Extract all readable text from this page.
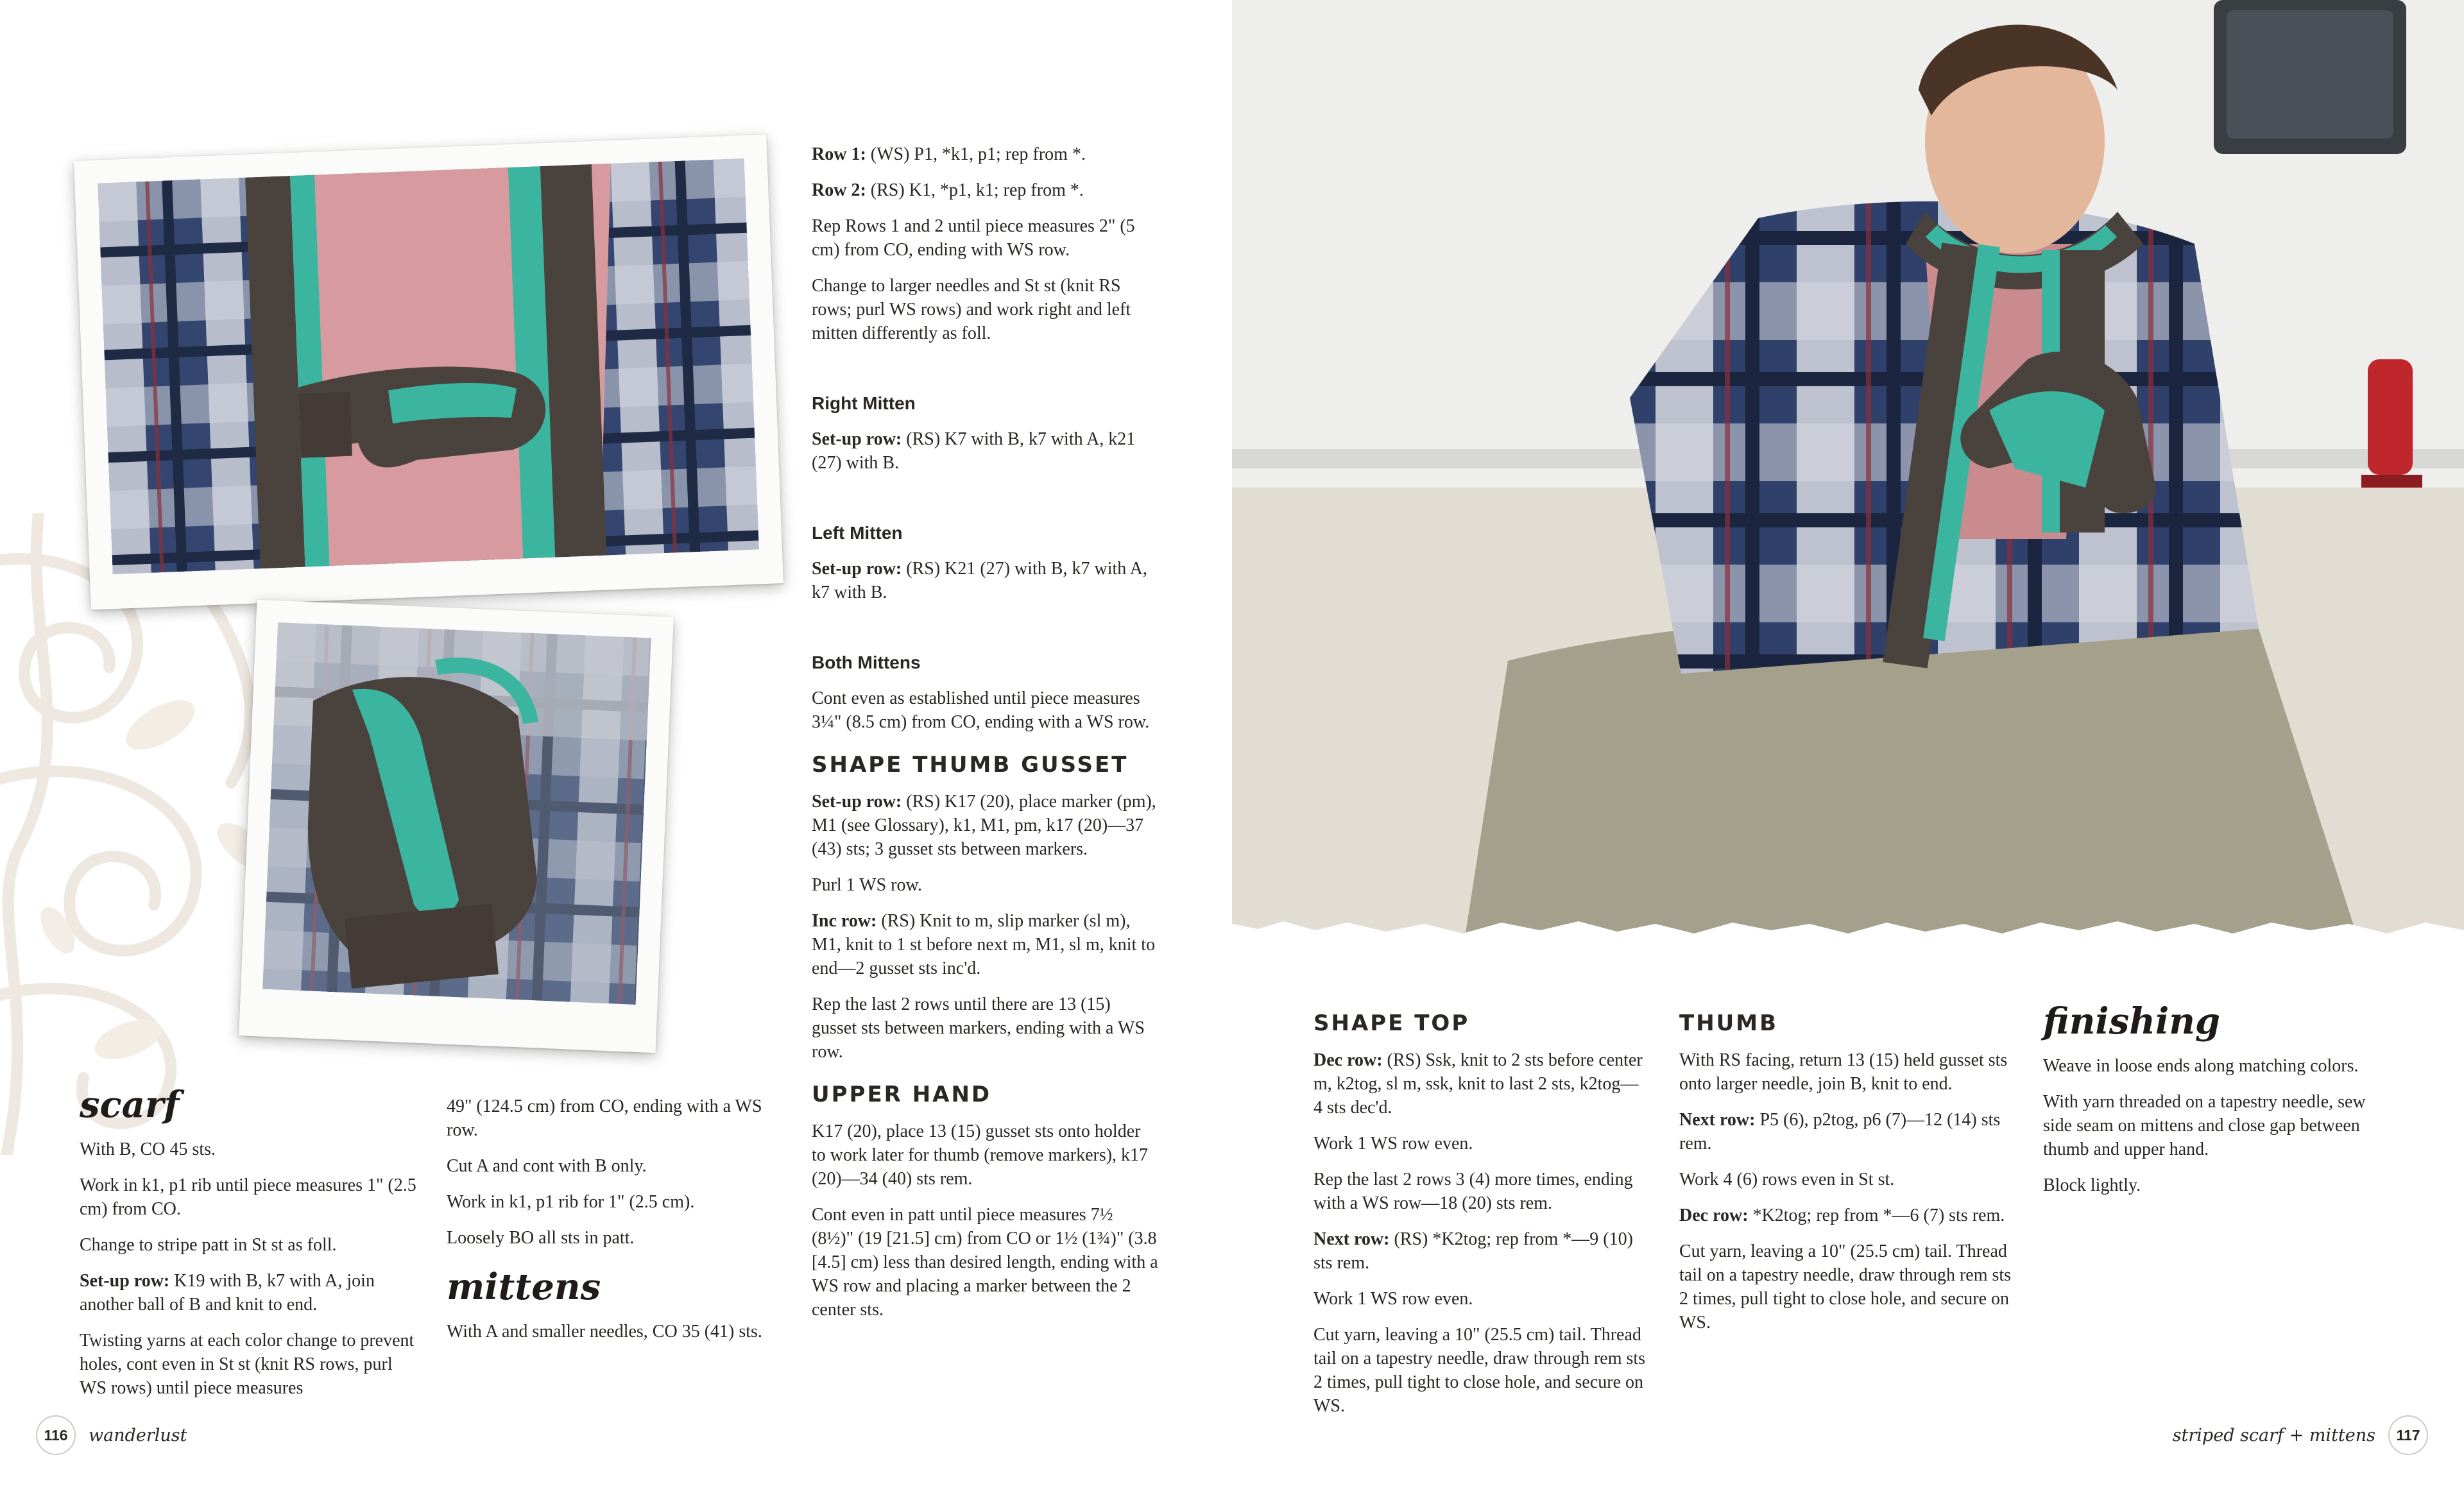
Row 1: (WS) P1, *k1, p1; rep from *.

Row 2: (RS) K1, *p1, k1; rep from *.

Rep Rows 1 and 2 until piece measures 2" (5 cm) from CO, ending with WS row.

Change to larger needles and St st (knit RS rows; purl WS rows) and work right and left mitten differently as foll.

Right Mitten

Set-up row: (RS) K7 with B, k7 with A, k21 (27) with B.

Left Mitten

Set-up row: (RS) K21 (27) with B, k7 with A, k7 with B.

Both Mittens

Cont even as established until piece measures 3¼" (8.5 cm) from CO, ending with a WS row.

SHAPE THUMB GUSSET

Set-up row: (RS) K17 (20), place marker (pm), M1 (see Glossary), k1, M1, pm, k17 (20)—37 (43) sts; 3 gusset sts between markers.

Purl 1 WS row.

Inc row: (RS) Knit to m, slip marker (sl m), M1, knit to 1 st before next m, M1, sl m, knit to end—2 gusset sts inc'd.

Rep the last 2 rows until there are 13 (15) gusset sts between markers, ending with a WS row.

UPPER HAND

K17 (20), place 13 (15) gusset sts onto holder to work later for thumb (remove markers), k17 (20)—34 (40) sts rem.

Cont even in patt until piece measures 7½ (8½)" (19 [21.5] cm) from CO or 1½ (1¾)" (3.8 [4.5] cm) less than desired length, ending with a WS row and placing a marker between the 2 center sts.

scarf

With B, CO 45 sts.

Work in k1, p1 rib until piece measures 1" (2.5 cm) from CO.

Change to stripe patt in St st as foll.

Set-up row: K19 with B, k7 with A, join another ball of B and knit to end.

Twisting yarns at each color change to prevent holes, cont even in St st (knit RS rows, purl WS rows) until piece measures

49" (124.5 cm) from CO, ending with a WS row.

Cut A and cont with B only.

Work in k1, p1 rib for 1" (2.5 cm).

Loosely BO all sts in patt.

mittens

With A and smaller needles, CO 35 (41) sts.

116	wanderlust

SHAPE TOP

Dec row: (RS) Ssk, knit to 2 sts before center m, k2tog, sl m, ssk, knit to last 2 sts, k2tog—4 sts dec'd.

Work 1 WS row even.

Rep the last 2 rows 3 (4) more times, ending with a WS row—18 (20) sts rem.

Next row: (RS) *K2tog; rep from *—9 (10) sts rem.

Work 1 WS row even.

Cut yarn, leaving a 10" (25.5 cm) tail. Thread tail on a tapestry needle, draw through rem sts 2 times, pull tight to close hole, and secure on WS.

THUMB

With RS facing, return 13 (15) held gusset sts onto larger needle, join B, knit to end.

Next row: P5 (6), p2tog, p6 (7)—12 (14) sts rem.

Work 4 (6) rows even in St st.

Dec row: *K2tog; rep from *—6 (7) sts rem.

Cut yarn, leaving a 10" (25.5 cm) tail. Thread tail on a tapestry needle, draw through rem sts 2 times, pull tight to close hole, and secure on WS.

finishing

Weave in loose ends along matching colors.

With yarn threaded on a tapestry needle, sew side seam on mittens and close gap between thumb and upper hand.

Block lightly.

striped scarf + mittens	117
